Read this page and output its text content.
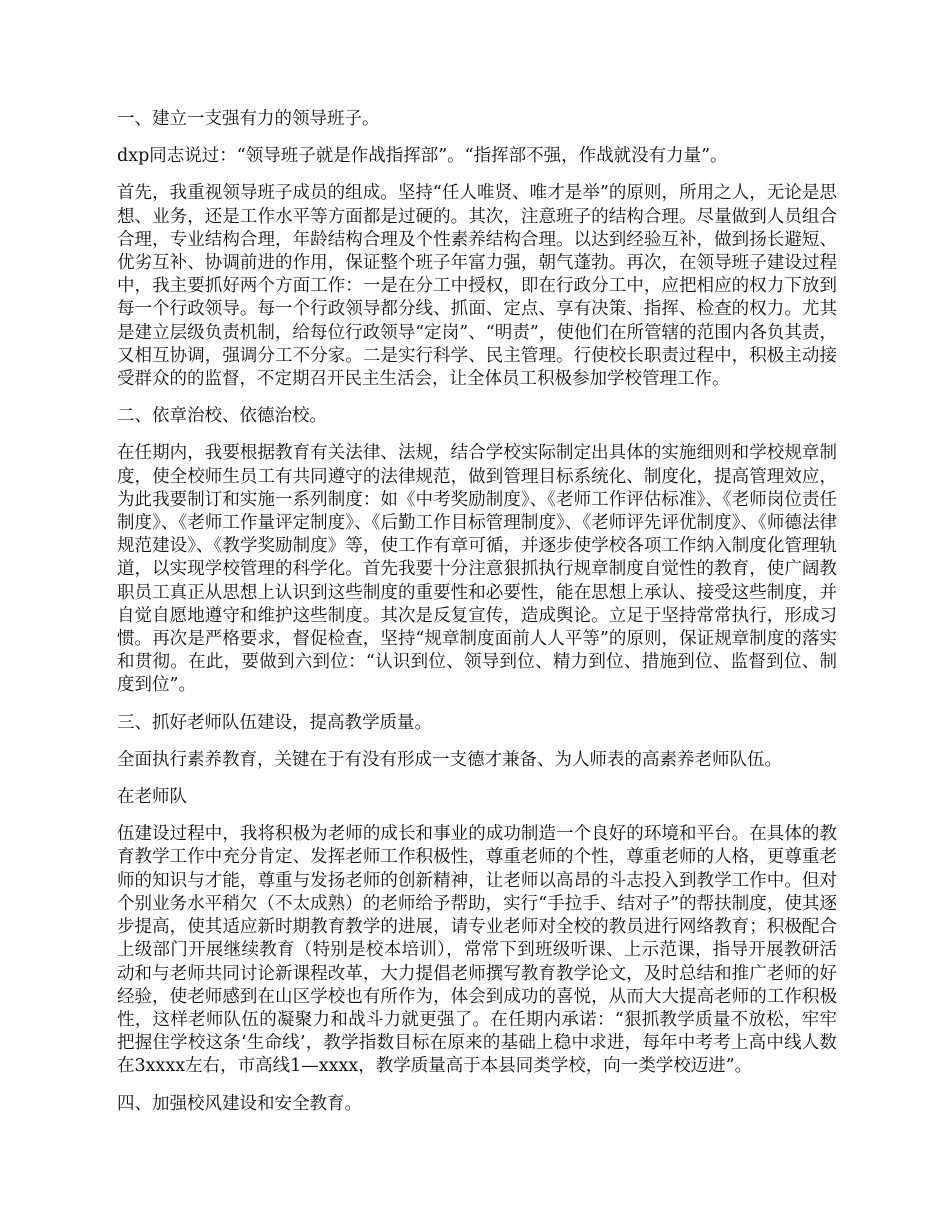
一、建立一支强有力的领导班子。

dxp同志说过：“领导班子就是作战指挥部”。“指挥部不强，作战就没有力量”。

首先，我重视领导班子成员的组成。坚持“任人唯贤、唯才是举”的原则，所用之人，无论是思想、业务，还是工作水平等方面都是过硬的。其次，注意班子的结构合理。尽量做到人员组合合理，专业结构合理，年龄结构合理及个性素养结构合理。以达到经验互补，做到扬长避短、优劣互补、协调前进的作用，保证整个班子年富力强，朝气蓬勃。再次，在领导班子建设过程中，我主要抓好两个方面工作：一是在分工中授权，即在行政分工中，应把相应的权力下放到每一个行政领导。每一个行政领导都分线、抓面、定点、享有决策、指挥、检查的权力。尤其是建立层级负责机制，给每位行政领导“定岗”、“明责”，使他们在所管辖的范围内各负其责，又相互协调，强调分工不分家。二是实行科学、民主管理。行使校长职责过程中，积极主动接受群众的的监督，不定期召开民主生活会，让全体员工积极参加学校管理工作。

二、依章治校、依德治校。

在任期内，我要根据教育有关法律、法规，结合学校实际制定出具体的实施细则和学校规章制度，使全校师生员工有共同遵守的法律规范，做到管理目标系统化、制度化，提高管理效应，为此我要制订和实施一系列制度：如《中考奖励制度》、《老师工作评估标准》、《老师岗位责任制度》、《老师工作量评定制度》、《后勤工作目标管理制度》、《老师评先评优制度》、《师德法律规范建设》、《教学奖励制度》等，使工作有章可循，并逐步使学校各项工作纳入制度化管理轨道，以实现学校管理的科学化。首先我要十分注意狠抓执行规章制度自觉性的教育，使广阔教职员工真正从思想上认识到这些制度的重要性和必要性，能在思想上承认、接受这些制度，并自觉自愿地遵守和维护这些制度。其次是反复宣传，造成舆论。立足于坚持常常执行，形成习惯。再次是严格要求，督促检查，坚持“规章制度面前人人平等”的原则，保证规章制度的落实和贯彻。在此，要做到六到位：“认识到位、领导到位、精力到位、措施到位、监督到位、制度到位”。

三、抓好老师队伍建设，提高教学质量。

全面执行素养教育，关键在于有没有形成一支德才兼备、为人师表的高素养老师队伍。

在老师队

伍建设过程中，我将积极为老师的成长和事业的成功制造一个良好的环境和平台。在具体的教育教学工作中充分肯定、发挥老师工作积极性，尊重老师的个性，尊重老师的人格，更尊重老师的知识与才能，尊重与发扬老师的创新精神，让老师以高昂的斗志投入到教学工作中。但对个别业务水平稍欠（不太成熟）的老师给予帮助，实行“手拉手、结对子”的帮扶制度，使其逐步提高，使其适应新时期教育教学的进展，请专业老师对全校的教员进行网络教育；积极配合上级部门开展继续教育（特别是校本培训），常常下到班级听课、上示范课，指导开展教研活动和与老师共同讨论新课程改革，大力提倡老师撰写教育教学论文，及时总结和推广老师的好经验，使老师感到在山区学校也有所作为，体会到成功的喜悦，从而大大提高老师的工作积极性，这样老师队伍的凝聚力和战斗力就更强了。在任期内承诺：“狠抓教学质量不放松，牢牢把握住学校这条‘生命线’，教学指数目标在原来的基础上稳中求进，每年中考考上高中线人数在3xxxx左右，市高线1—xxxx，教学质量高于本县同类学校，向一类学校迈进”。

四、加强校风建设和安全教育。
